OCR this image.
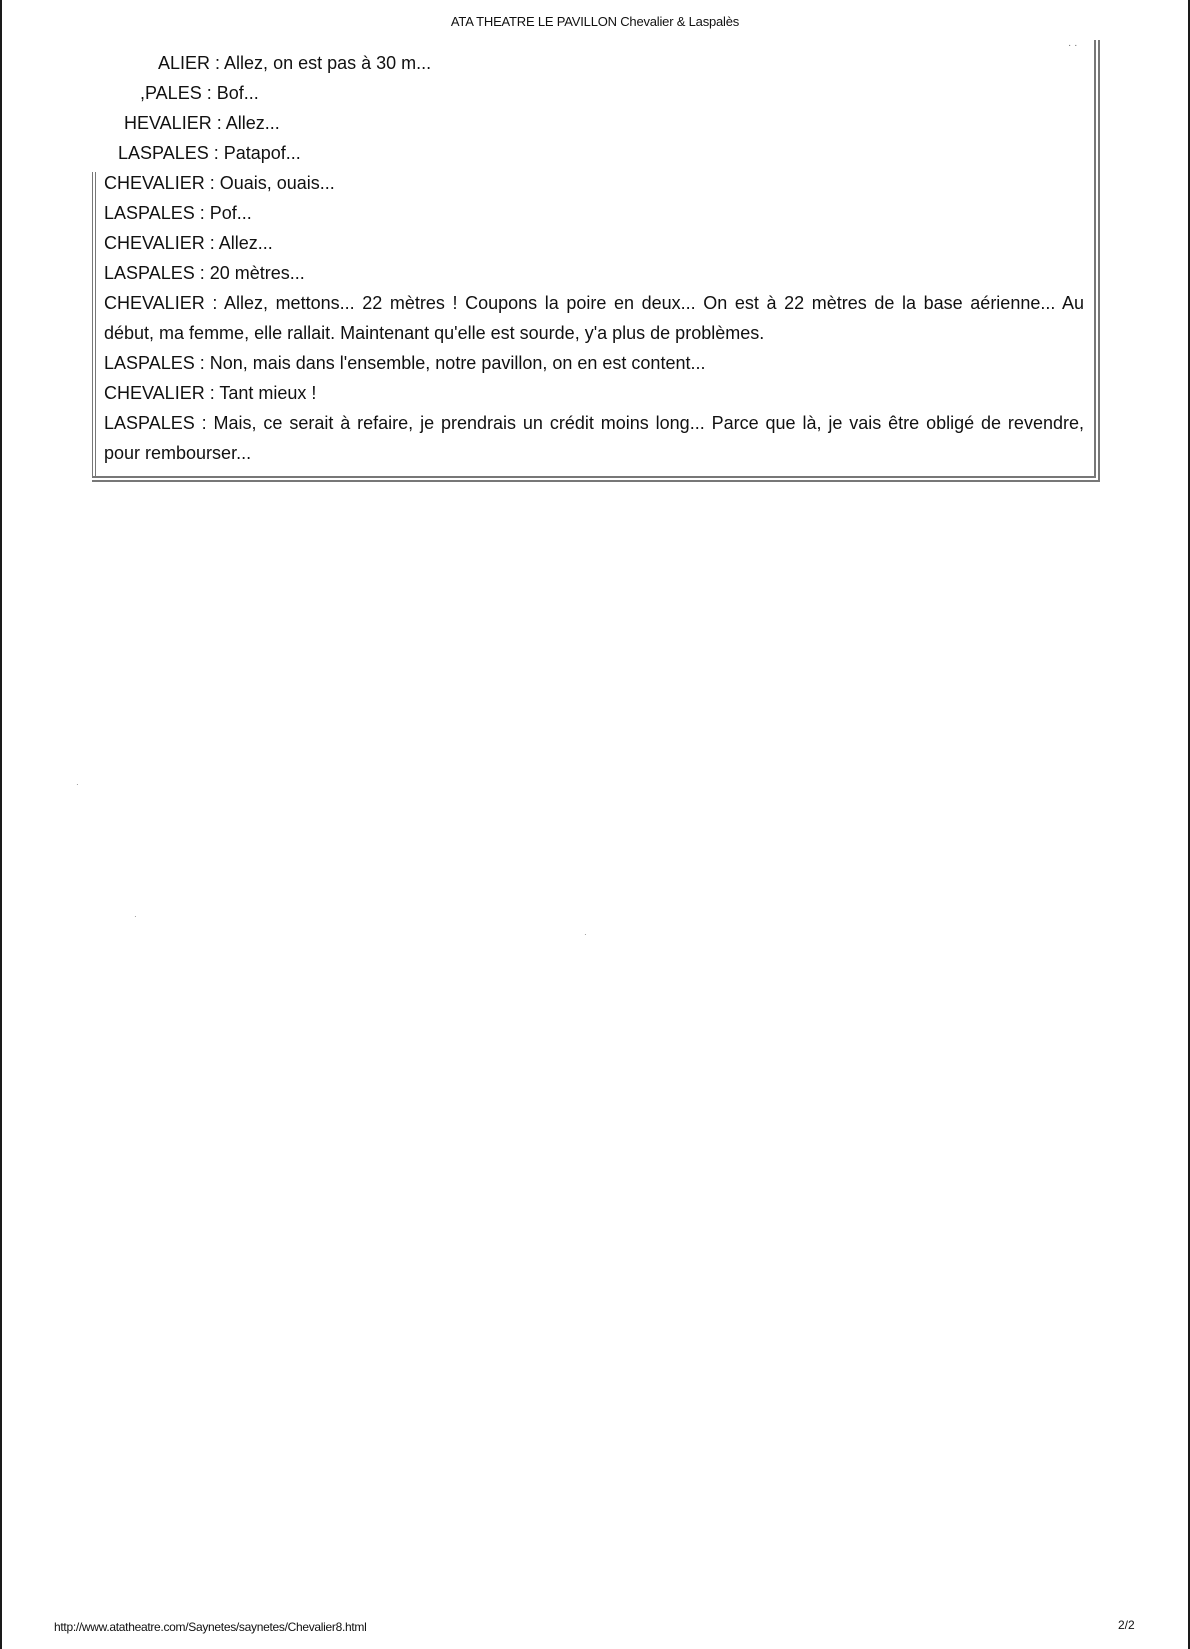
ATA THEATRE LE PAVILLON Chevalier & Laspalès
· ·
ALIER : Allez, on est pas à 30 m...
,PALES : Bof...
HEVALIER : Allez...
LASPALES : Patapof...
CHEVALIER : Ouais, ouais...
LASPALES : Pof...
CHEVALIER : Allez...
LASPALES : 20 mètres...
CHEVALIER : Allez, mettons... 22 mètres ! Coupons la poire en deux... On est à 22 mètres de la base aérienne... Au début, ma femme, elle rallait. Maintenant qu'elle est sourde, y'a plus de problèmes.
LASPALES : Non, mais dans l'ensemble, notre pavillon, on en est content...
CHEVALIER : Tant mieux !
LASPALES : Mais, ce serait à refaire, je prendrais un crédit moins long... Parce que là, je vais être obligé de revendre, pour rembourser...
·
·
·
http://www.atatheatre.com/Saynetes/saynetes/Chevalier8.html	2/2
